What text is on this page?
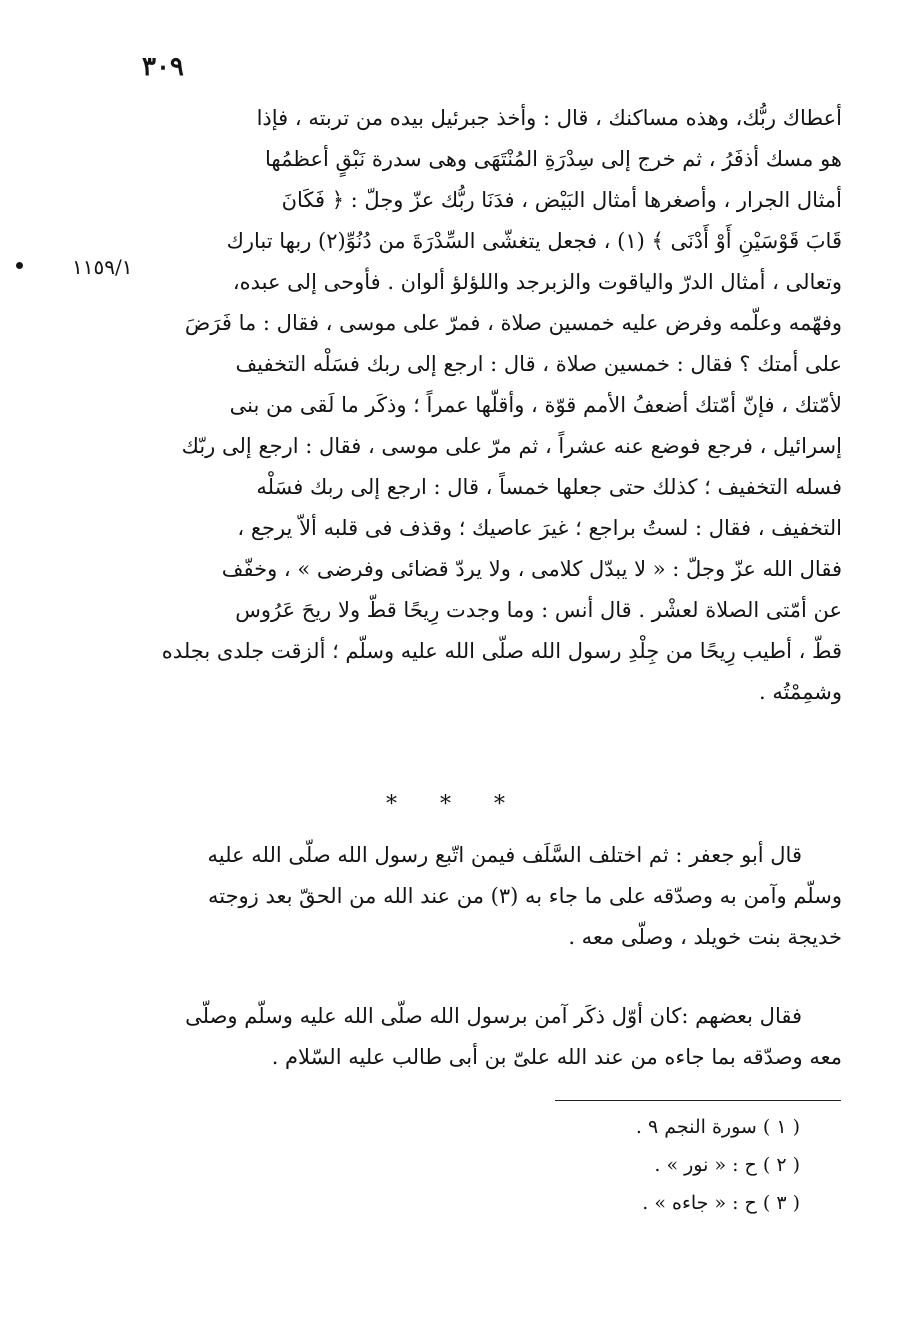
٣٠٩
١١٥٩/١
أعطاك ربُّك، وهذه مساكنك ، قال : وأخذ جبرئيل بيده من تربته ، فإذا
هو مسك أذفَرُ ، ثم خرج إلى سِدْرَةِ المُنْتَهَى وهى سدرة نَبْقٍ أعظمُها
أمثال الجرار ، وأصغرها أمثال البَيْض ، فدَنَا ربُّك عزّ وجلّ : ﴿ فَكَانَ
قَابَ قَوْسَيْنِ أَوْ أَدْنَى ﴾ (١) ، فجعل يتغشّى السِّدْرَةَ من دُنُوِّ(٢) ربها تبارك
وتعالى ، أمثال الدرّ والياقوت والزبرجد واللؤلؤ ألوان . فأوحى إلى عبده،
وفهّمه وعلّمه وفرض عليه خمسين صلاة ، فمرّ على موسى ، فقال : ما فَرَضَ
على أمتك ؟ فقال : خمسين صلاة ، قال : ارجع إلى ربك فسَلْه التخفيف
لأمّتك ، فإنّ أمّتك أضعفُ الأمم قوّة ، وأقلّها عمراً ؛ وذكَر ما لَقى من بنى
إسرائيل ، فرجع فوضع عنه عشراً ، ثم مرّ على موسى ، فقال : ارجع إلى ربّك
فسله التخفيف ؛ كذلك حتى جعلها خمساً ، قال : ارجع إلى ربك فسَلْه
التخفيف ، فقال : لستُ براجع ؛ غيرَ عاصيك ؛ وقذف فى قلبه ألاّ يرجع ،
فقال الله عزّ وجلّ : « لا يبدّل كلامى ، ولا يردّ قضائى وفرضى » ، وخفّف
عن أمّتى الصلاة لعشْر . قال أنس : وما وجدت رِيحًا قطّ ولا ريحَ عَرُوس
قطّ ، أطيب رِيحًا من جِلْدِ رسول الله صلّى الله عليه وسلّم ؛ ألزقت جلدى بجلده
وشمِمْتُه .
* * *
قال أبو جعفر : ثم اختلف السَّلَف فيمن اتّبع رسول الله صلّى الله عليه
وسلّم وآمن به وصدّقه على ما جاء به (٣) من عند الله من الحقّ بعد زوجته
خديجة بنت خويلد ، وصلّى معه .
فقال بعضهم :كان أوّل ذكَر آمن برسول الله صلّى الله عليه وسلّم وصلّى
معه وصدّقه بما جاءه من عند الله علىّ بن أبى طالب عليه السّلام .
( ١ ) سورة النجم ٩ .
( ٢ ) ح : « نور » .
( ٣ ) ح : « جاءه » .
